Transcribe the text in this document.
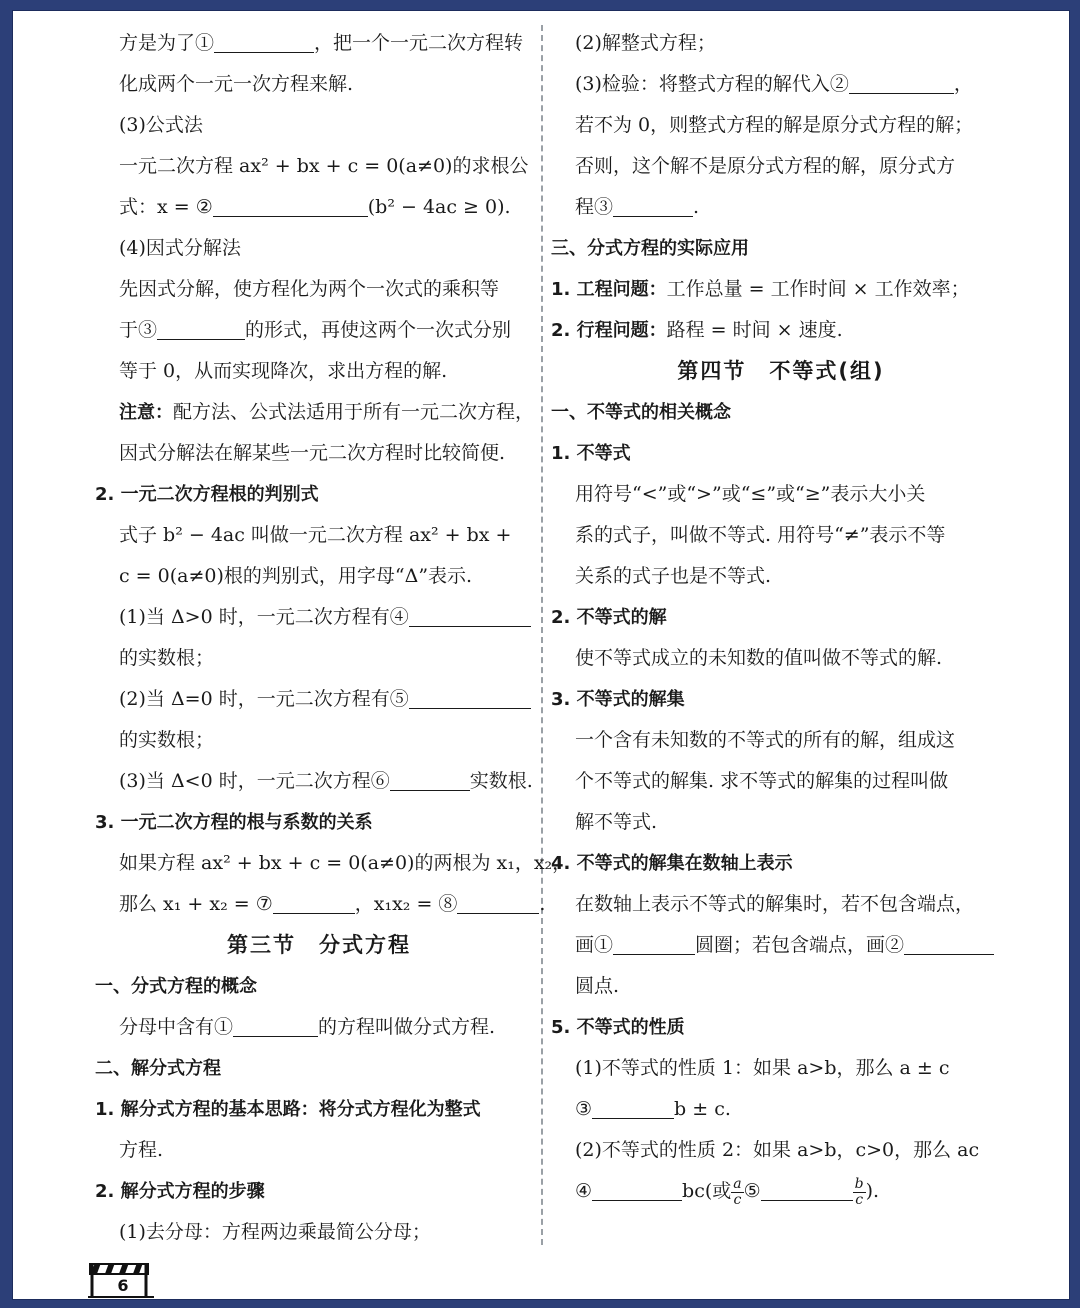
方是为了①	，把一个一元二次方程转
化成两个一元一次方程来解.
(3)公式法
一元二次方程 ax² + bx + c = 0(a≠0)的求根公
式：x = ②	(b² − 4ac ≥ 0).
(4)因式分解法
先因式分解，使方程化为两个一次式的乘积等
于③	的形式，再使这两个一次式分别
等于 0，从而实现降次，求出方程的解.
注意：配方法、公式法适用于所有一元二次方程，
因式分解法在解某些一元二次方程时比较简便.
2. 一元二次方程根的判别式
式子 b² − 4ac 叫做一元二次方程 ax² + bx +
c = 0(a≠0)根的判别式，用字母“Δ”表示.
(1)当 Δ>0 时，一元二次方程有④
的实数根；
(2)当 Δ=0 时，一元二次方程有⑤
的实数根；
(3)当 Δ<0 时，一元二次方程⑥	实数根.
3. 一元二次方程的根与系数的关系
如果方程 ax² + bx + c = 0(a≠0)的两根为 x₁，x₂，
那么 x₁ + x₂ = ⑦	，x₁x₂ = ⑧	.
第三节　分式方程
一、分式方程的概念
分母中含有①	的方程叫做分式方程.
二、解分式方程
1. 解分式方程的基本思路：将分式方程化为整式
方程.
2. 解分式方程的步骤
(1)去分母：方程两边乘最简公分母；
(2)解整式方程；
(3)检验：将整式方程的解代入②	，
若不为 0，则整式方程的解是原分式方程的解；
否则，这个解不是原分式方程的解，原分式方
程③	.
三、分式方程的实际应用
1. 工程问题：工作总量 = 工作时间 × 工作效率；
2. 行程问题：路程 = 时间 × 速度.
第四节　不等式(组)
一、不等式的相关概念
1. 不等式
用符号“<”或“>”或“≤”或“≥”表示大小关
系的式子，叫做不等式. 用符号“≠”表示不等
关系的式子也是不等式.
2. 不等式的解
使不等式成立的未知数的值叫做不等式的解.
3. 不等式的解集
一个含有未知数的不等式的所有的解，组成这
个不等式的解集. 求不等式的解集的过程叫做
解不等式.
4. 不等式的解集在数轴上表示
在数轴上表示不等式的解集时，若不包含端点，
画①	圆圈；若包含端点，画②
圆点.
5. 不等式的性质
(1)不等式的性质 1：如果 a>b，那么 a ± c
③	b ± c.
(2)不等式的性质 2：如果 a>b，c>0，那么 ac
④	bc(或 $\frac{a}{c}$ ⑤	$\frac{b}{c}$ ).
6
